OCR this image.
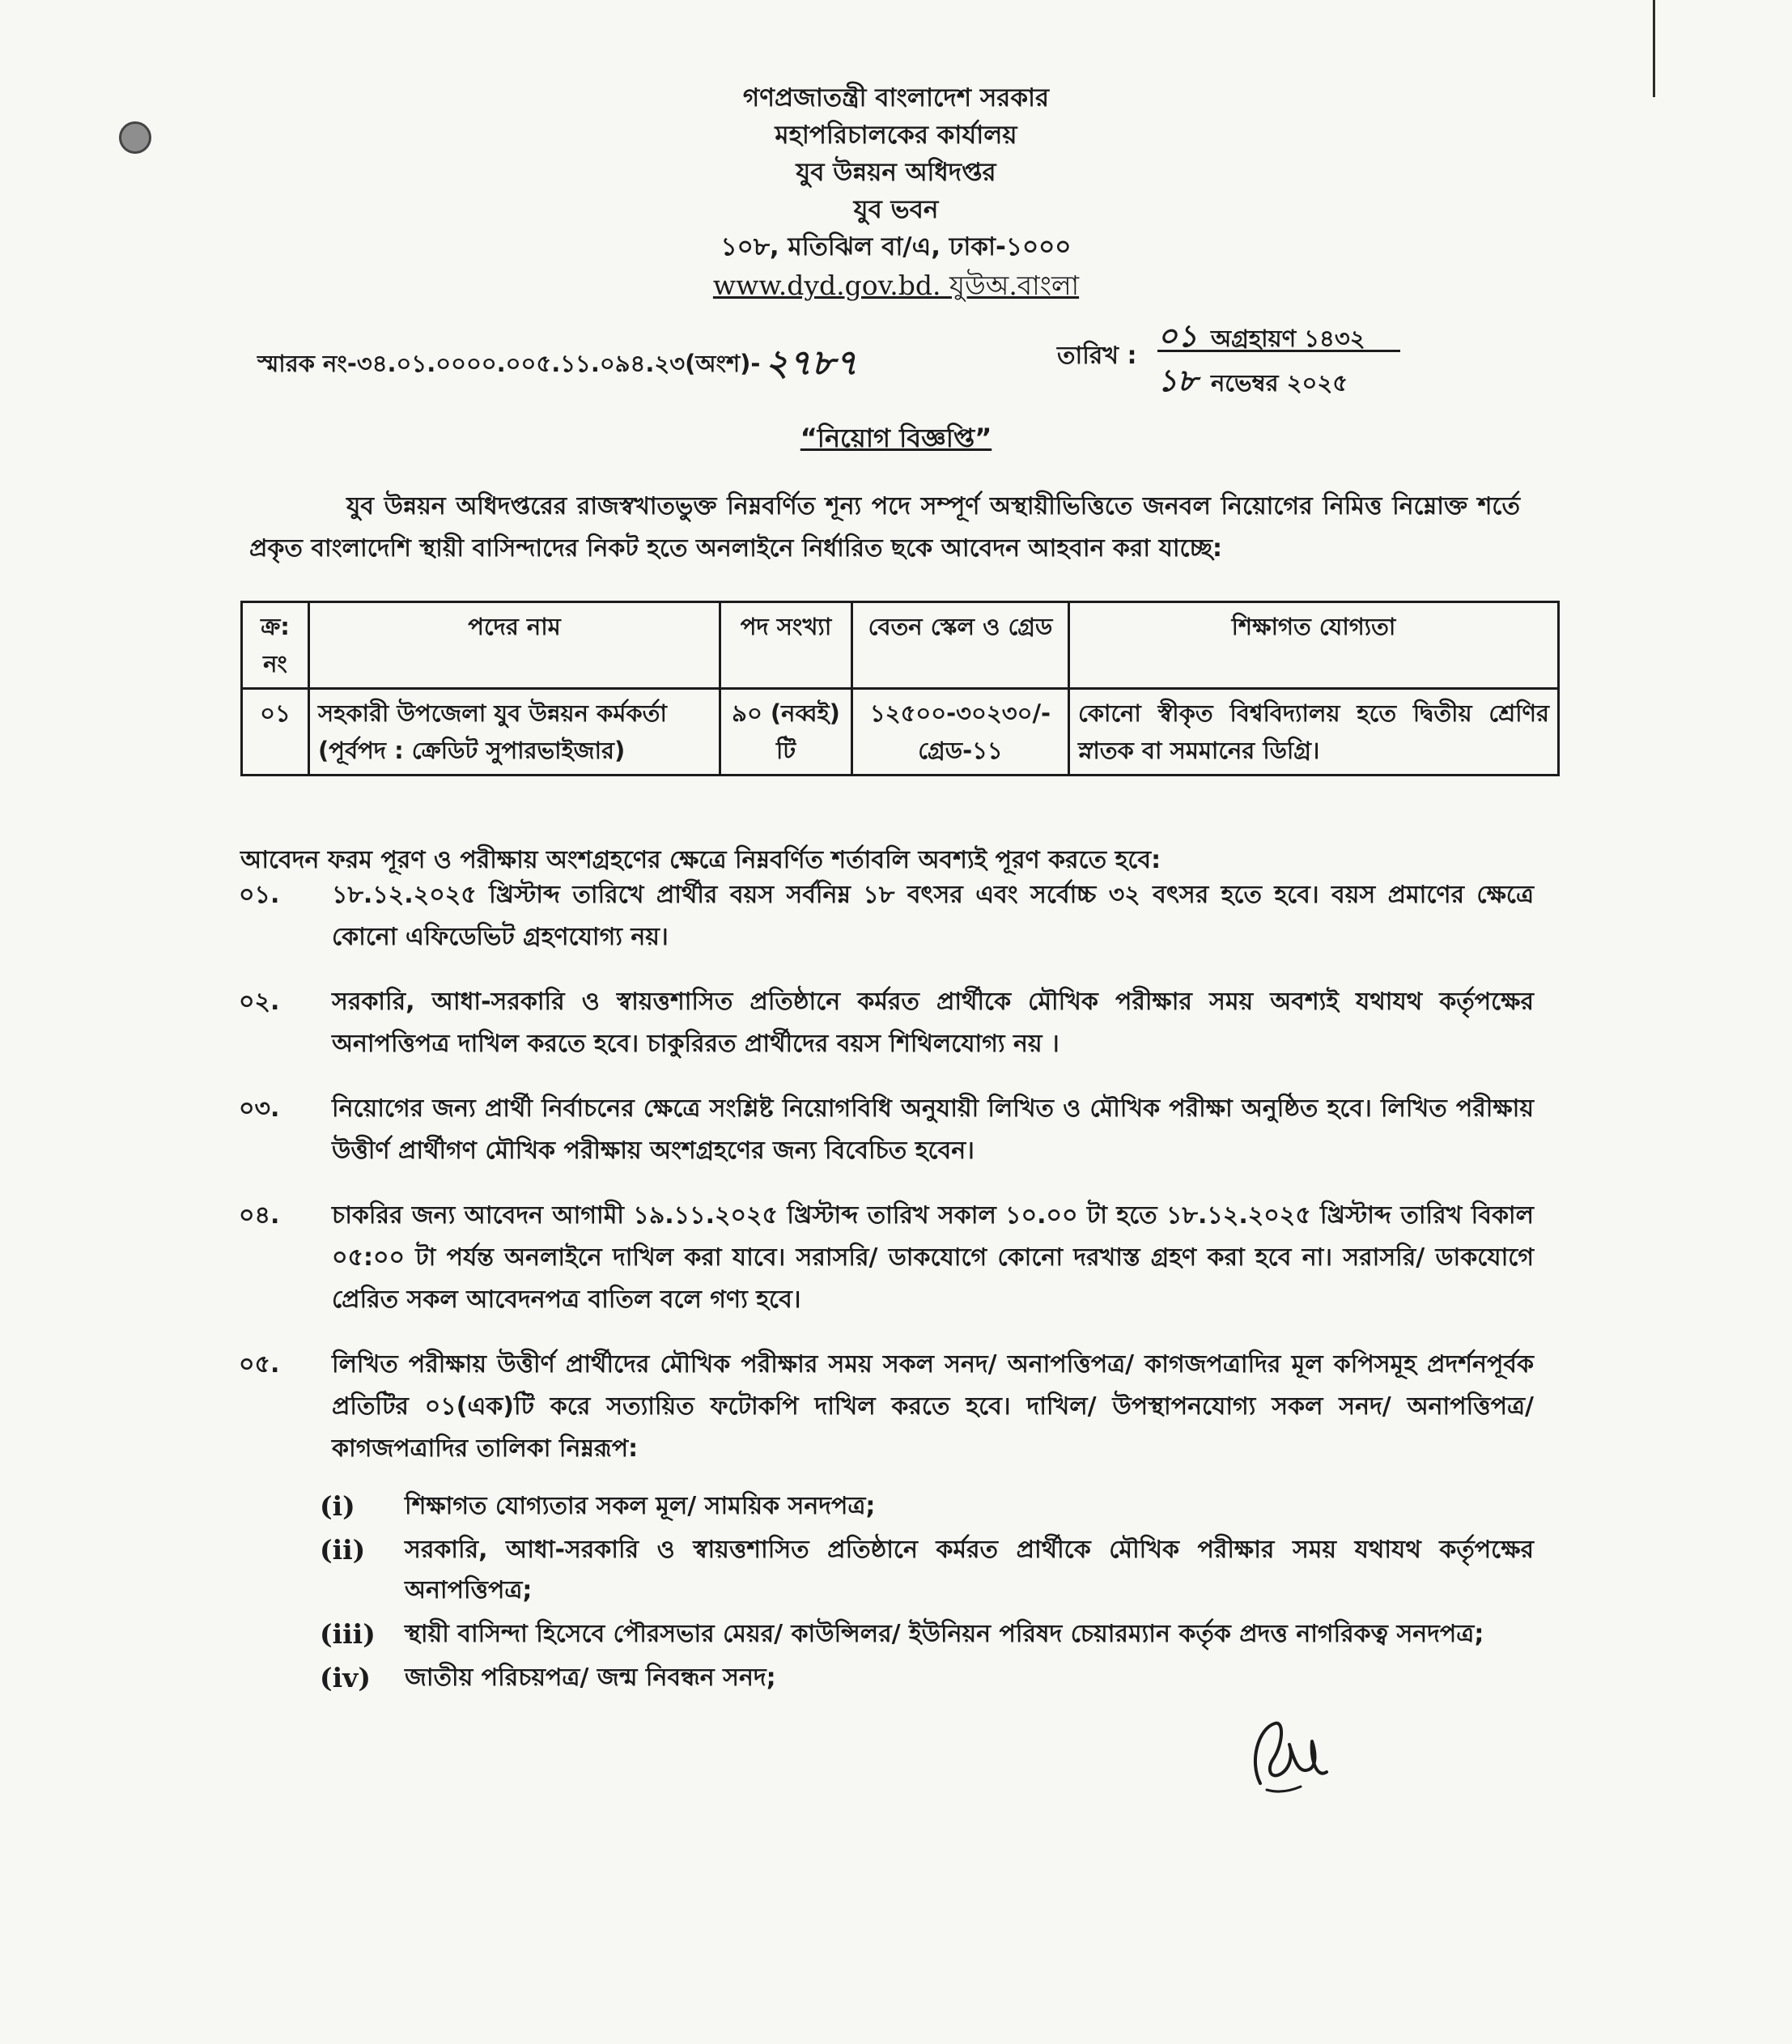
গণপ্রজাতন্ত্রী বাংলাদেশ সরকার
মহাপরিচালকের কার্যালয়
যুব উন্নয়ন অধিদপ্তর
যুব ভবন
১০৮, মতিঝিল বা/এ, ঢাকা-১০০০
www.dyd.gov.bd. যুউঅ.বাংলা
স্মারক নং-৩৪.০১.০০০০.০০৫.১১.০৯৪.২৩(অংশ)- ২৭৮৭	তারিখ :
০১ অগ্রহায়ণ ১৪৩২
১৮ নভেম্বর ২০২৫
“নিয়োগ বিজ্ঞপ্তি”
যুব উন্নয়ন অধিদপ্তরের রাজস্বখাতভুক্ত নিম্নবর্ণিত শূন্য পদে সম্পূর্ণ অস্থায়ীভিত্তিতে জনবল নিয়োগের নিমিত্ত নিম্নোক্ত শর্তে প্রকৃত বাংলাদেশি স্থায়ী বাসিন্দাদের নিকট হতে অনলাইনে নির্ধারিত ছকে আবেদন আহবান করা যাচ্ছে:
ক্র: নং	পদের নাম	পদ সংখ্যা	বেতন স্কেল ও গ্রেড	শিক্ষাগত যোগ্যতা
০১	সহকারী উপজেলা যুব উন্নয়ন কর্মকর্তা (পূর্বপদ : ক্রেডিট সুপারভাইজার)	৯০ (নব্বই) টি	১২৫০০-৩০২৩০/- গ্রেড-১১	কোনো স্বীকৃত বিশ্ববিদ্যালয় হতে দ্বিতীয় শ্রেণির স্নাতক বা সমমানের ডিগ্রি।
আবেদন ফরম পূরণ ও পরীক্ষায় অংশগ্রহণের ক্ষেত্রে নিম্নবর্ণিত শর্তাবলি অবশ্যই পূরণ করতে হবে:
০১.	১৮.১২.২০২৫ খ্রিস্টাব্দ তারিখে প্রার্থীর বয়স সর্বনিম্ন ১৮ বৎসর এবং সর্বোচ্চ ৩২ বৎসর হতে হবে। বয়স প্রমাণের ক্ষেত্রে কোনো এফিডেভিট গ্রহণযোগ্য নয়।
০২.	সরকারি, আধা-সরকারি ও স্বায়ত্তশাসিত প্রতিষ্ঠানে কর্মরত প্রার্থীকে মৌখিক পরীক্ষার সময় অবশ্যই যথাযথ কর্তৃপক্ষের অনাপত্তিপত্র দাখিল করতে হবে। চাকুরিরত প্রার্থীদের বয়স শিথিলযোগ্য নয় ।
০৩.	নিয়োগের জন্য প্রার্থী নির্বাচনের ক্ষেত্রে সংশ্লিষ্ট নিয়োগবিধি অনুযায়ী লিখিত ও মৌখিক পরীক্ষা অনুষ্ঠিত হবে। লিখিত পরীক্ষায় উত্তীর্ণ প্রার্থীগণ মৌখিক পরীক্ষায় অংশগ্রহণের জন্য বিবেচিত হবেন।
০৪.	চাকরির জন্য আবেদন আগামী ১৯.১১.২০২৫ খ্রিস্টাব্দ তারিখ সকাল ১০.০০ টা হতে ১৮.১২.২০২৫ খ্রিস্টাব্দ তারিখ বিকাল ০৫:০০ টা পর্যন্ত অনলাইনে দাখিল করা যাবে। সরাসরি/ ডাকযোগে কোনো দরখাস্ত গ্রহণ করা হবে না। সরাসরি/ ডাকযোগে প্রেরিত সকল আবেদনপত্র বাতিল বলে গণ্য হবে।
০৫.	লিখিত পরীক্ষায় উত্তীর্ণ প্রার্থীদের মৌখিক পরীক্ষার সময় সকল সনদ/ অনাপত্তিপত্র/ কাগজপত্রাদির মূল কপিসমূহ প্রদর্শনপূর্বক প্রতিটির ০১(এক)টি করে সত্যায়িত ফটোকপি দাখিল করতে হবে। দাখিল/ উপস্থাপনযোগ্য সকল সনদ/ অনাপত্তিপত্র/ কাগজপত্রাদির তালিকা নিম্নরূপ:
(i)	শিক্ষাগত যোগ্যতার সকল মূল/ সাময়িক সনদপত্র;
(ii)	সরকারি, আধা-সরকারি ও স্বায়ত্তশাসিত প্রতিষ্ঠানে কর্মরত প্রার্থীকে মৌখিক পরীক্ষার সময় যথাযথ কর্তৃপক্ষের অনাপত্তিপত্র;
(iii)	স্থায়ী বাসিন্দা হিসেবে পৌরসভার মেয়র/ কাউন্সিলর/ ইউনিয়ন পরিষদ চেয়ারম্যান কর্তৃক প্রদত্ত নাগরিকত্ব সনদপত্র;
(iv)	জাতীয় পরিচয়পত্র/ জন্ম নিবন্ধন সনদ;
